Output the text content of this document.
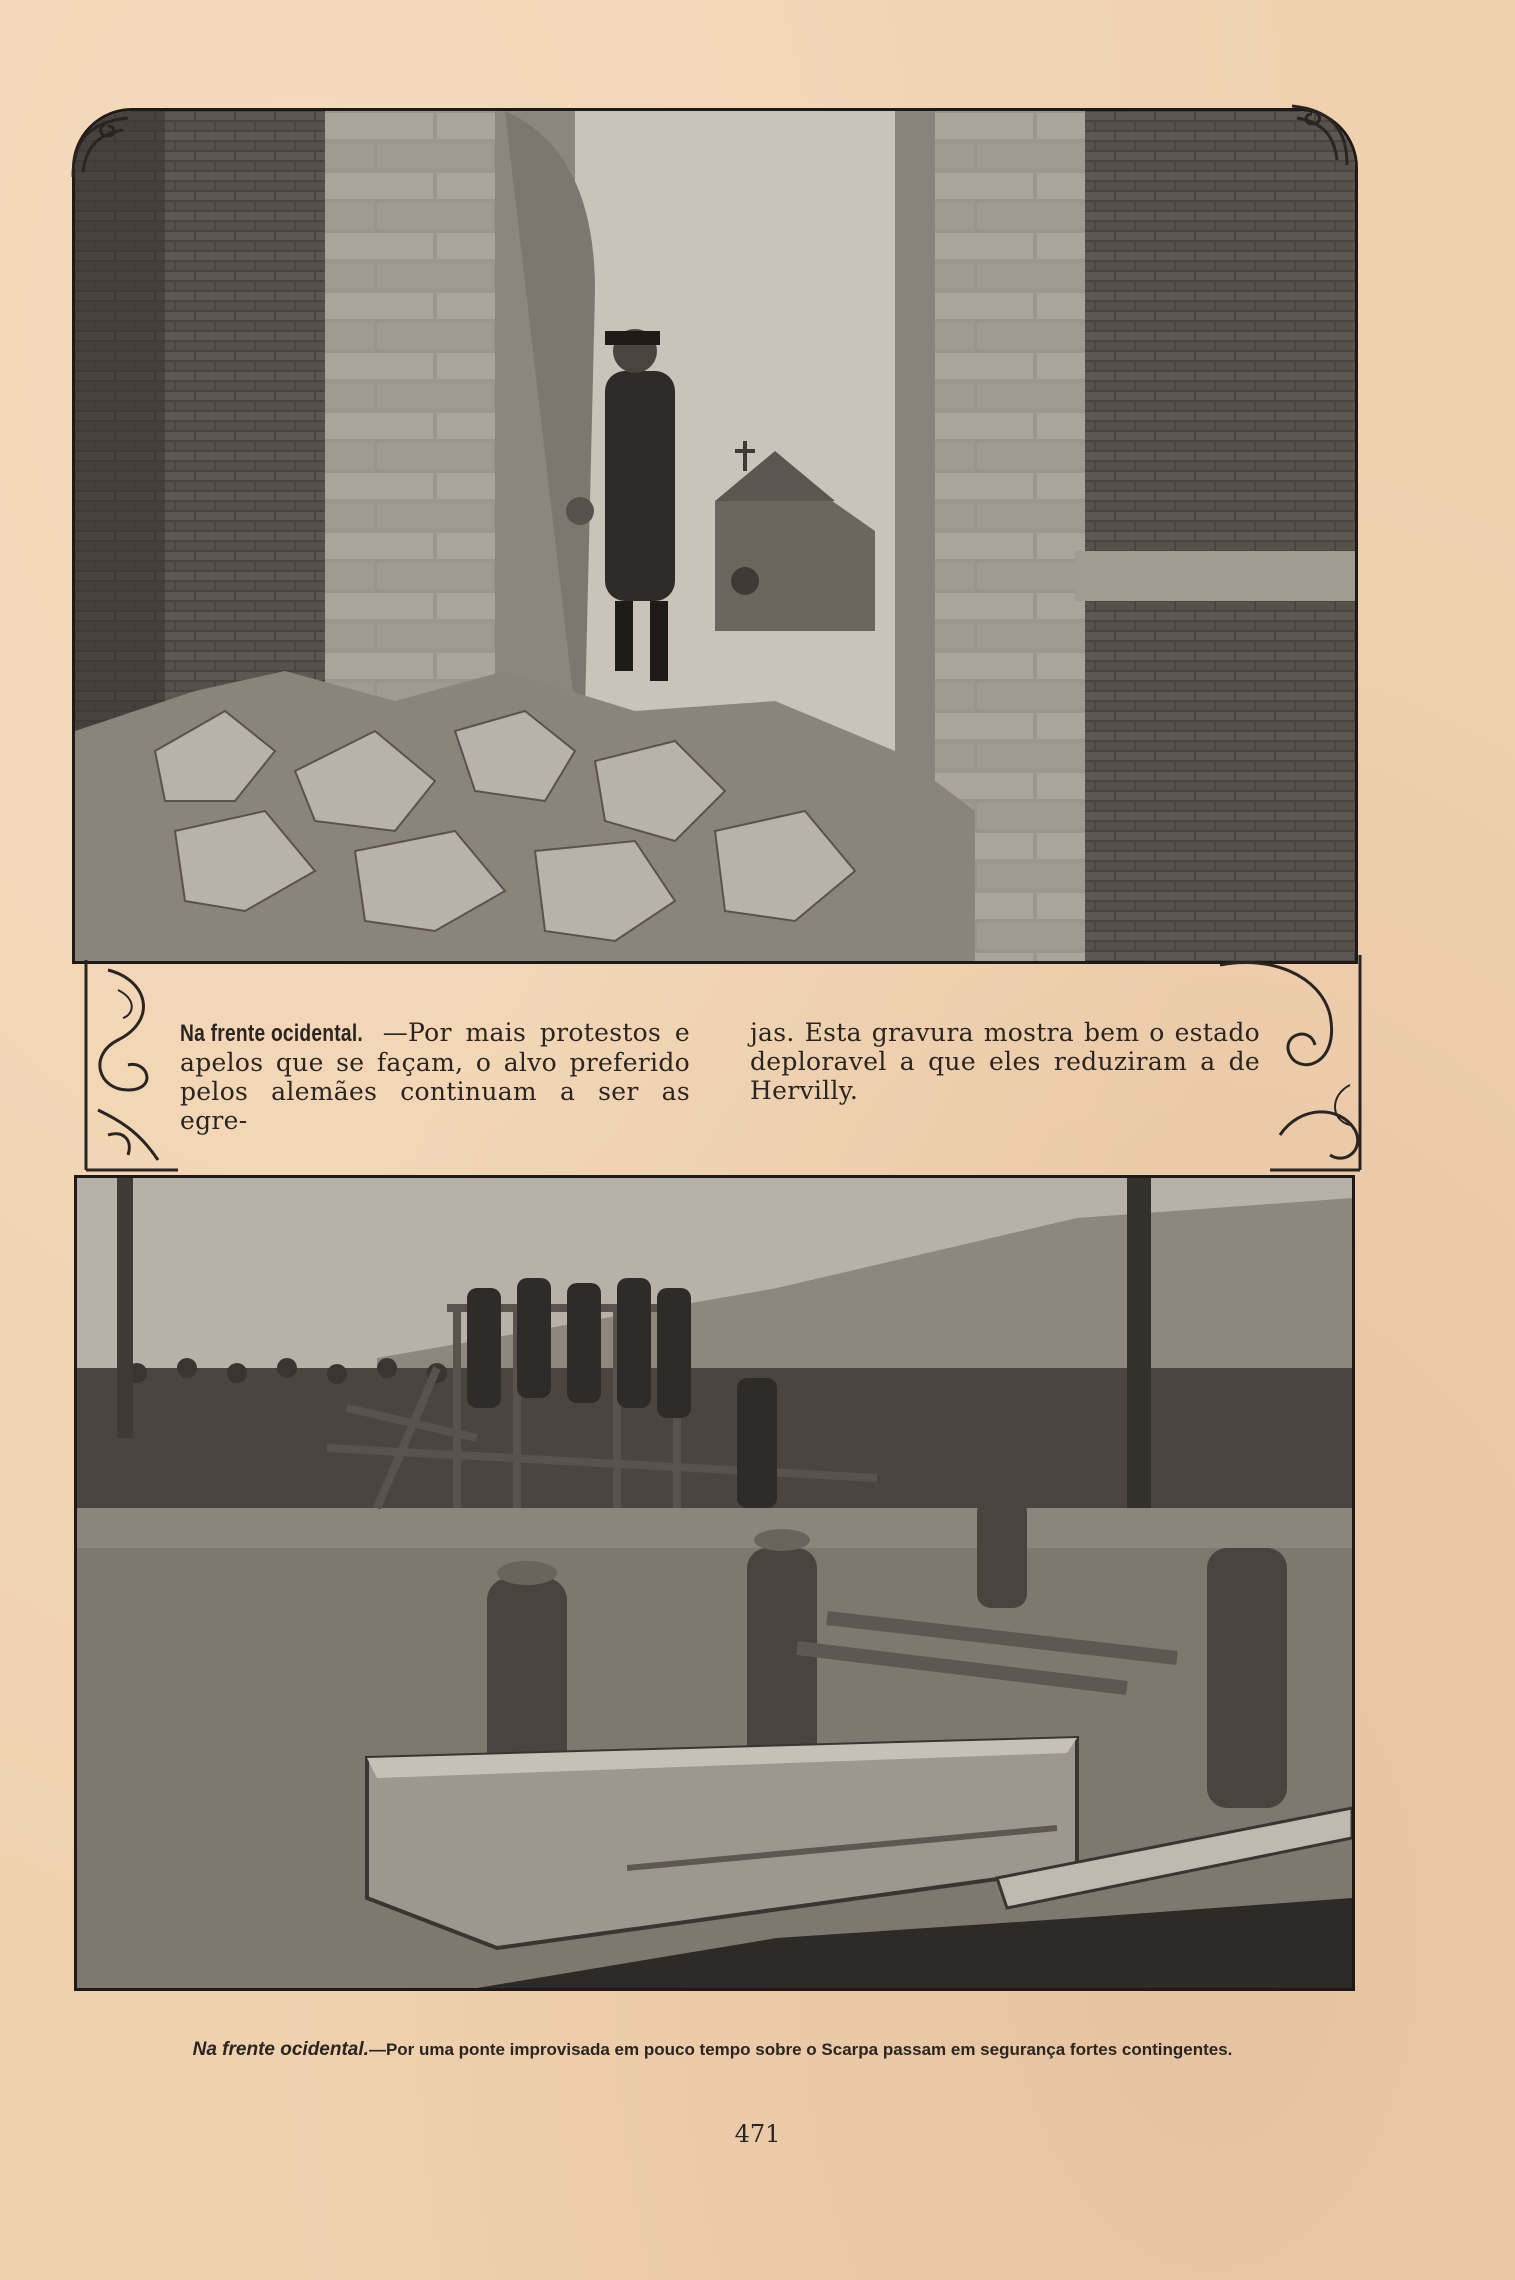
Na frente ocidental. —Por mais protestos e apelos que se façam, o alvo preferido pelos alemães continuam a ser as egre-
jas. Esta gravura mostra bem o estado deploravel a que eles reduziram a de Hervilly.
Na frente ocidental.—Por uma ponte improvisada em pouco tempo sobre o Scarpa passam em segurança fortes contingentes.
471
